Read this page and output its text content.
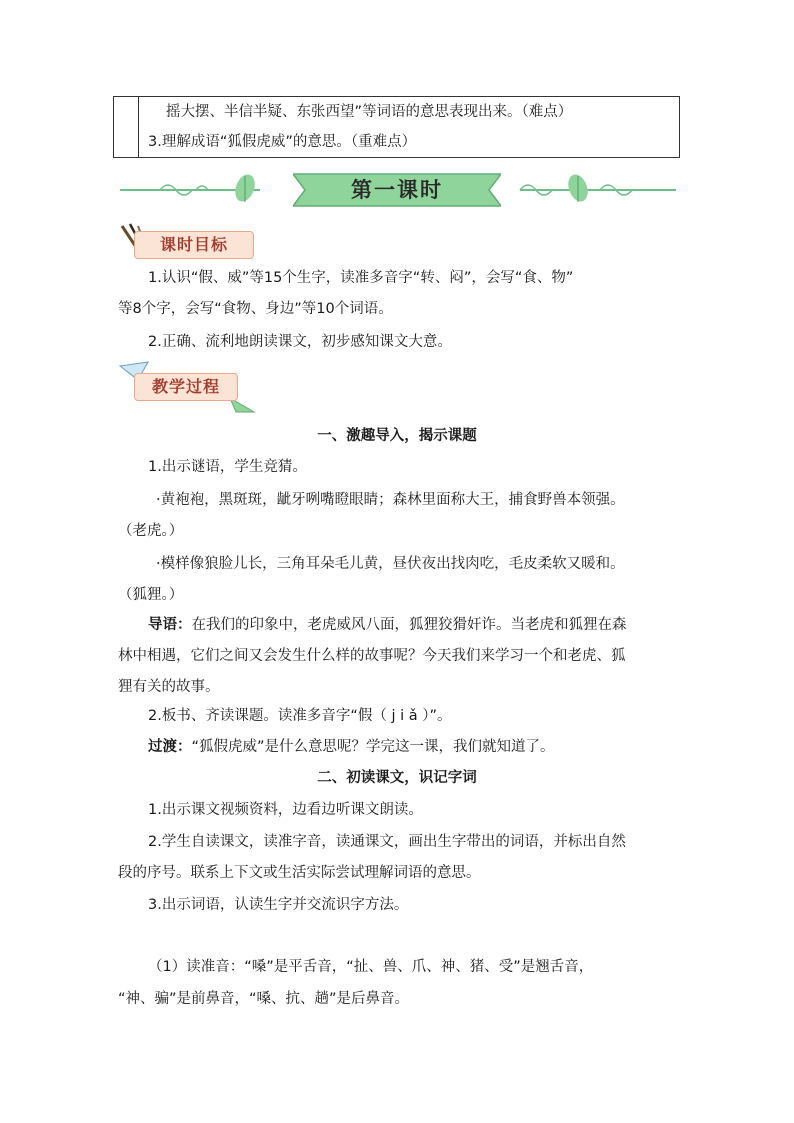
摇大摆、半信半疑、东张西望”等词语的意思表现出来。（难点）
3.理解成语“狐假虎威”的意思。（重难点）
第一课时
课时目标
1.认识“假、威”等15个生字，读准多音字“转、闷”，会写“食、物”
等8个字，会写“食物、身边”等10个词语。
2.正确、流利地朗读课文，初步感知课文大意。
教学过程
一、激趣导入，揭示课题
1.出示谜语，学生竞猜。
·黄袍袍，黑斑斑，龇牙咧嘴瞪眼睛；森林里面称大王，捕食野兽本领强。
（老虎。）
·模样像狼脸儿长，三角耳朵毛儿黄，昼伏夜出找肉吃，毛皮柔软又暖和。
（狐狸。）
导语：在我们的印象中，老虎威风八面，狐狸狡猾奸诈。当老虎和狐狸在森
林中相遇，它们之间又会发生什么样的故事呢？今天我们来学习一个和老虎、狐
狸有关的故事。
2.板书、齐读课题。读准多音字“假（ j i ǎ ）”。
过渡：“狐假虎威”是什么意思呢？学完这一课，我们就知道了。
二、初读课文，识记字词
1.出示课文视频资料，边看边听课文朗读。
2.学生自读课文，读准字音，读通课文，画出生字带出的词语，并标出自然
段的序号。联系上下文或生活实际尝试理解词语的意思。
3.出示词语，认读生字并交流识字方法。
（1）读准音：“嗓”是平舌音，“扯、兽、爪、神、猪、受”是翘舌音，
“神、骗”是前鼻音，“嗓、抗、趟”是后鼻音。
